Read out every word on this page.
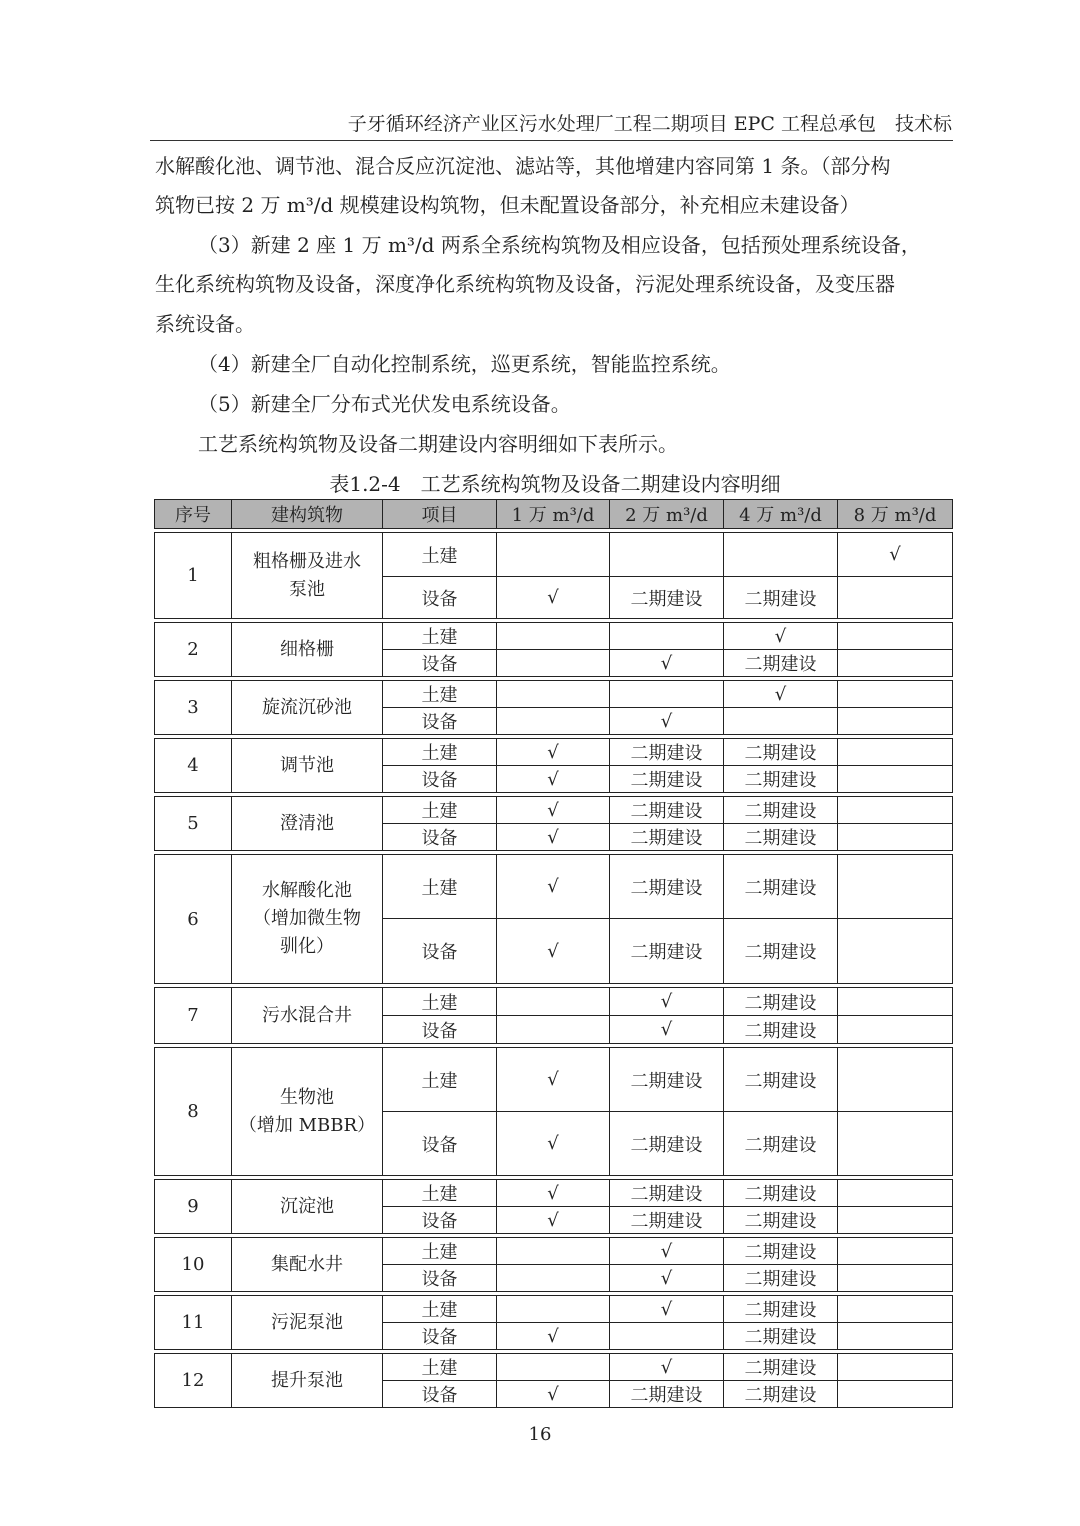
子牙循环经济产业区污水处理厂工程二期项目 EPC 工程总承包　技术标
水解酸化池、调节池、混合反应沉淀池、滤站等，其他增建内容同第 1 条。（部分构
筑物已按 2 万 m³/d 规模建设构筑物，但未配置设备部分，补充相应未建设备）
（3）新建 2 座 1 万 m³/d 两系全系统构筑物及相应设备，包括预处理系统设备，
生化系统构筑物及设备，深度净化系统构筑物及设备，污泥处理系统设备，及变压器
系统设备。
（4）新建全厂自动化控制系统，巡更系统，智能监控系统。
（5）新建全厂分布式光伏发电系统设备。
工艺系统构筑物及设备二期建设内容明细如下表所示。
表1.2-4　工艺系统构筑物及设备二期建设内容明细
序号	建构筑物	项目	1 万 m³/d	2 万 m³/d	4 万 m³/d	8 万 m³/d

1	粗格栅及进水
泵池	土建				√
		设备	√	二期建设	二期建设	

2	细格栅	土建			√	
		设备		√	二期建设	

3	旋流沉砂池	土建			√	
		设备		√		

4	调节池	土建	√	二期建设	二期建设	
		设备	√	二期建设	二期建设	

5	澄清池	土建	√	二期建设	二期建设	
		设备	√	二期建设	二期建设	

6	水解酸化池
（增加微生物
驯化）	土建	√	二期建设	二期建设	
		设备	√	二期建设	二期建设	

7	污水混合井	土建		√	二期建设	
		设备		√	二期建设	

8	生物池
（增加 MBBR）	土建	√	二期建设	二期建设	
		设备	√	二期建设	二期建设	

9	沉淀池	土建	√	二期建设	二期建设	
		设备	√	二期建设	二期建设	

10	集配水井	土建		√	二期建设	
		设备		√	二期建设	

11	污泥泵池	土建		√	二期建设	
		设备	√		二期建设	

12	提升泵池	土建		√	二期建设	
		设备	√	二期建设	二期建设	
16
